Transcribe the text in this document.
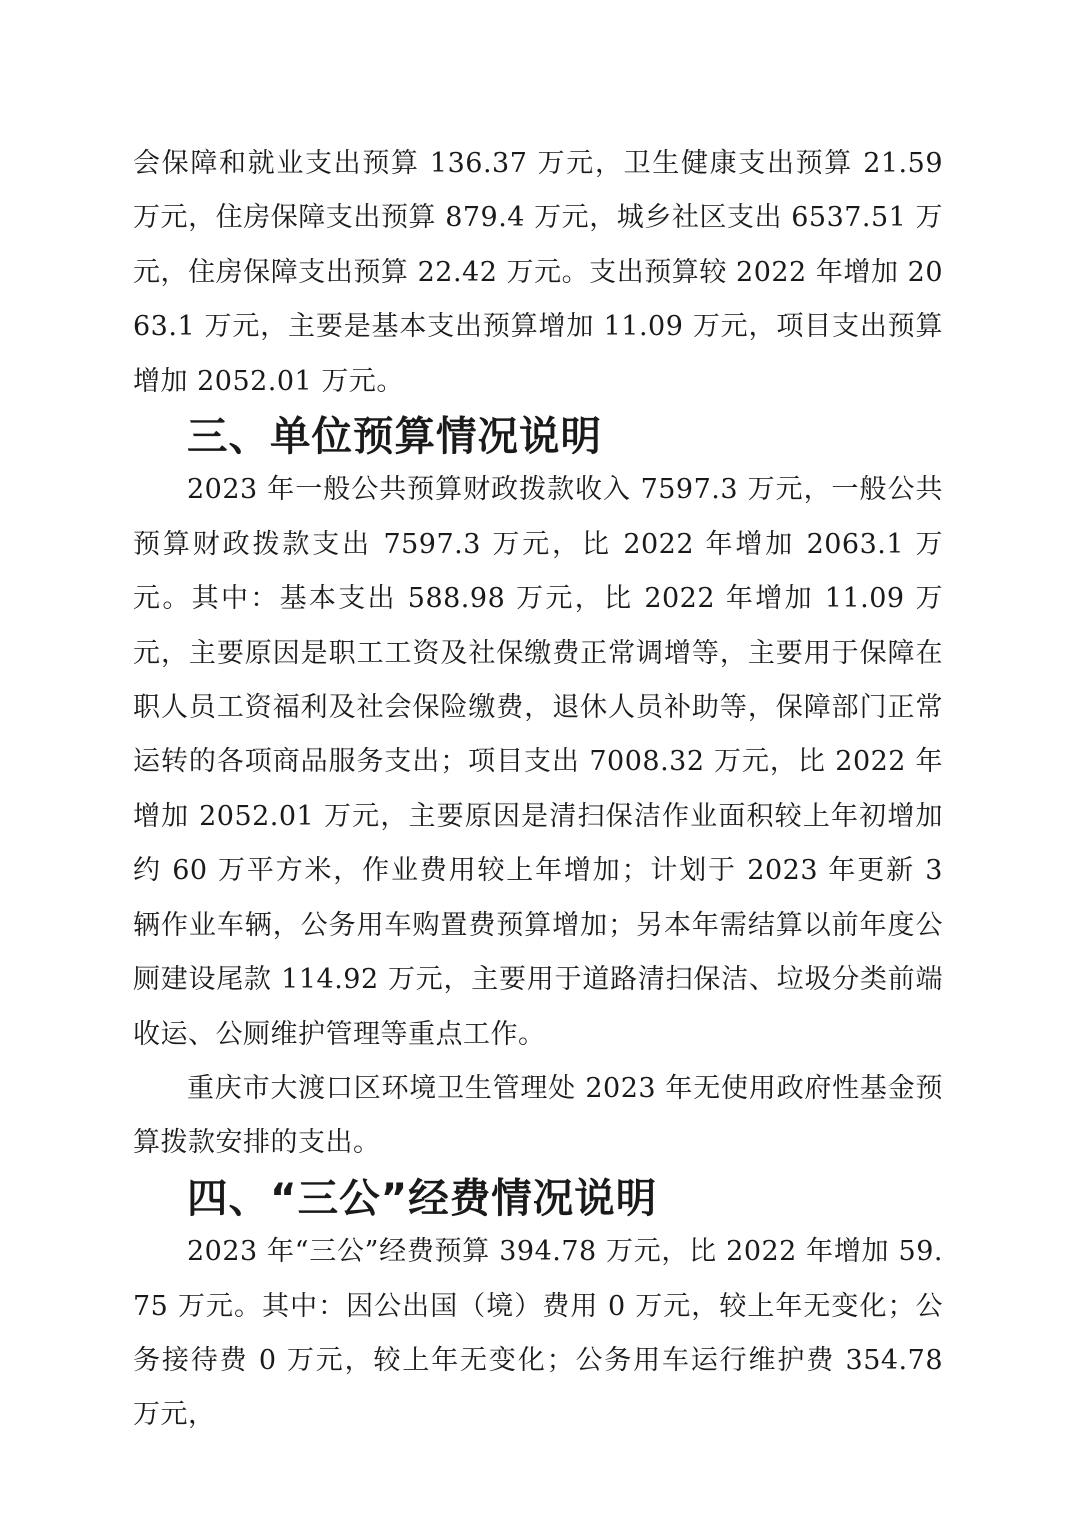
会保障和就业支出预算 136.37 万元，卫生健康支出预算 21.59 万元，住房保障支出预算 879.4 万元，城乡社区支出 6537.51 万元，住房保障支出预算 22.42 万元。支出预算较 2022 年增加 2063.1 万元，主要是基本支出预算增加 11.09 万元，项目支出预算增加 2052.01 万元。

三、单位预算情况说明

2023 年一般公共预算财政拨款收入 7597.3 万元，一般公共预算财政拨款支出 7597.3 万元，比 2022 年增加 2063.1 万元。其中：基本支出 588.98 万元，比 2022 年增加 11.09 万元，主要原因是职工工资及社保缴费正常调增等，主要用于保障在职人员工资福利及社会保险缴费，退休人员补助等，保障部门正常运转的各项商品服务支出；项目支出 7008.32 万元，比 2022 年增加 2052.01 万元，主要原因是清扫保洁作业面积较上年初增加约 60 万平方米，作业费用较上年增加；计划于 2023 年更新 3 辆作业车辆，公务用车购置费预算增加；另本年需结算以前年度公厕建设尾款 114.92 万元，主要用于道路清扫保洁、垃圾分类前端收运、公厕维护管理等重点工作。

重庆市大渡口区环境卫生管理处 2023 年无使用政府性基金预算拨款安排的支出。

四、“三公”经费情况说明

2023 年“三公”经费预算 394.78 万元，比 2022 年增加 59.75 万元。其中：因公出国（境）费用 0 万元，较上年无变化；公务接待费 0 万元，较上年无变化；公务用车运行维护费 354.78 万元，
